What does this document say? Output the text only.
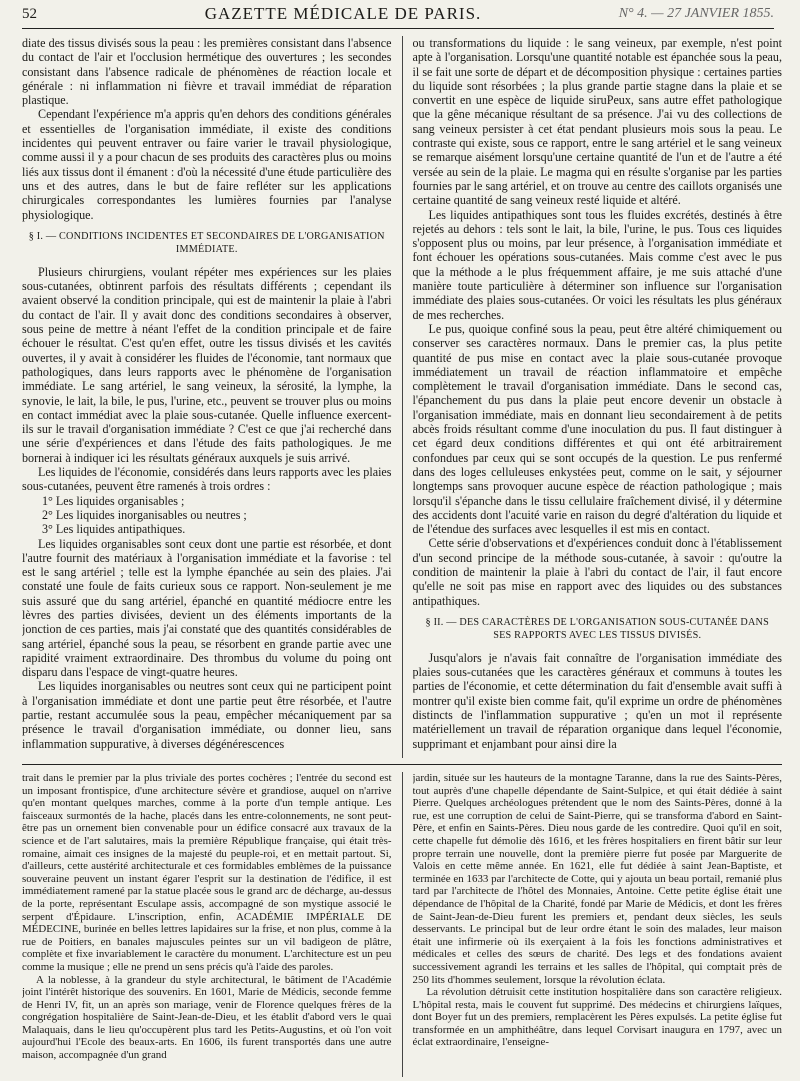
52	GAZETTE MÉDICALE DE PARIS.	N° 4. — 27 JANVIER 1855.

diate des tissus divisés sous la peau : les premières consistant dans l'absence du contact de l'air et l'occlusion hermétique des ouvertures ; les secondes consistant dans l'absence radicale de phénomènes de réaction locale et générale : ni inflammation ni fièvre et travail immédiat de réparation plastique.

Cependant l'expérience m'a appris qu'en dehors des conditions générales et essentielles de l'organisation immédiate, il existe des conditions incidentes qui peuvent entraver ou faire varier le travail physiologique, comme aussi il y a pour chacun de ses produits des caractères plus ou moins liés aux tissus dont il émanent : d'où la nécessité d'une étude particulière des uns et des autres, dans le but de faire refléter sur les applications chirurgicales correspondantes les lumières fournies par l'analyse physiologique.

§ I. — CONDITIONS INCIDENTES ET SECONDAIRES DE L'ORGANISATION IMMÉDIATE.

Plusieurs chirurgiens, voulant répéter mes expériences sur les plaies sous-cutanées, obtinrent parfois des résultats différents ; cependant ils avaient observé la condition principale, qui est de maintenir la plaie à l'abri du contact de l'air. Il y avait donc des conditions secondaires à observer, sous peine de mettre à néant l'effet de la condition principale et de faire échouer le résultat. C'est qu'en effet, outre les tissus divisés et les cavités ouvertes, il y avait à considérer les fluides de l'économie, tant normaux que pathologiques, dans leurs rapports avec le phénomène de l'organisation immédiate. Le sang artériel, le sang veineux, la sérosité, la lymphe, la synovie, le lait, la bile, le pus, l'urine, etc., peuvent se trouver plus ou moins en contact immédiat avec la plaie sous-cutanée. Quelle influence exercent-ils sur le travail d'organisation immédiate ? C'est ce que j'ai recherché dans une série d'expériences et dans l'étude des faits pathologiques. Je me bornerai à indiquer ici les résultats généraux auxquels je suis arrivé.

Les liquides de l'économie, considérés dans leurs rapports avec les plaies sous-cutanées, peuvent être ramenés à trois ordres :

1° Les liquides organisables ;

2° Les liquides inorganisables ou neutres ;

3° Les liquides antipathiques.

Les liquides organisables sont ceux dont une partie est résorbée, et dont l'autre fournit des matériaux à l'organisation immédiate et la favorise : tel est le sang artériel ; telle est la lymphe épanchée au sein des plaies. J'ai constaté une foule de faits curieux sous ce rapport. Non-seulement je me suis assuré que du sang artériel, épanché en quantité médiocre entre les lèvres des parties divisées, devient un des éléments importants de la jonction de ces parties, mais j'ai constaté que des quantités considérables de sang artériel, épanché sous la peau, se résorbent en grande partie avec une rapidité vraiment extraordinaire. Des thrombus du volume du poing ont disparu dans l'espace de vingt-quatre heures.

Les liquides inorganisables ou neutres sont ceux qui ne participent point à l'organisation immédiate et dont une partie peut être résorbée, et l'autre partie, restant accumulée sous la peau, empêcher mécaniquement par sa présence le travail d'organisation immédiate, ou donner lieu, sans inflammation suppurative, à diverses dégénérescences

ou transformations du liquide : le sang veineux, par exemple, n'est point apte à l'organisation. Lorsqu'une quantité notable est épanchée sous la peau, il se fait une sorte de départ et de décomposition physique : certaines parties du liquide sont résorbées ; la plus grande partie stagne dans la plaie et se convertit en une espèce de liquide siruPeux, sans autre effet pathologique que la gêne mécanique résultant de sa présence. J'ai vu des collections de sang veineux persister à cet état pendant plusieurs mois sous la peau. Le contraste qui existe, sous ce rapport, entre le sang artériel et le sang veineux se remarque aisément lorsqu'une certaine quantité de l'un et de l'autre a été versée au sein de la plaie. Le magma qui en résulte s'organise par les parties fournies par le sang artériel, et on trouve au centre des caillots organisés une certaine quantité de sang veineux resté liquide et altéré.

Les liquides antipathiques sont tous les fluides excrétés, destinés à être rejetés au dehors : tels sont le lait, la bile, l'urine, le pus. Tous ces liquides s'opposent plus ou moins, par leur présence, à l'organisation immédiate et font échouer les opérations sous-cutanées. Mais comme c'est avec le pus que la méthode a le plus fréquemment affaire, je me suis attaché d'une manière toute particulière à déterminer son influence sur l'organisation immédiate des plaies sous-cutanées. Or voici les résultats les plus généraux de mes recherches.

Le pus, quoique confiné sous la peau, peut être altéré chimiquement ou conserver ses caractères normaux. Dans le premier cas, la plus petite quantité de pus mise en contact avec la plaie sous-cutanée provoque immédiatement un travail de réaction inflammatoire et empêche complètement le travail d'organisation immédiate. Dans le second cas, l'épanchement du pus dans la plaie peut encore devenir un obstacle à l'organisation immédiate, mais en donnant lieu secondairement à de petits abcès froids résultant comme d'une inoculation du pus. Il faut distinguer à cet égard deux conditions différentes et qui ont été arbitrairement confondues par ceux qui se sont occupés de la question. Le pus renfermé dans des loges celluleuses enkystées peut, comme on le sait, y séjourner longtemps sans provoquer aucune espèce de réaction pathologique ; mais lorsqu'il s'épanche dans le tissu cellulaire fraîchement divisé, il y détermine des accidents dont l'acuité varie en raison du degré d'altération du liquide et de l'étendue des surfaces avec lesquelles il est mis en contact.

Cette série d'observations et d'expériences conduit donc à l'établissement d'un second principe de la méthode sous-cutanée, à savoir : qu'outre la condition de maintenir la plaie à l'abri du contact de l'air, il faut encore qu'elle ne soit pas mise en rapport avec des liquides ou des substances antipathiques.

§ II. — DES CARACTÈRES DE L'ORGANISATION SOUS-CUTANÉE DANS SES RAPPORTS AVEC LES TISSUS DIVISÉS.

Jusqu'alors je n'avais fait connaître de l'organisation immédiate des plaies sous-cutanées que les caractères généraux et communs à toutes les parties de l'économie, et cette détermination du fait d'ensemble avait suffi à montrer qu'il existe bien comme fait, qu'il exprime un ordre de phénomènes distincts de l'inflammation suppurative ; qu'en un mot il représente matériellement un travail de réparation organique dans lequel l'économie, supprimant et enjambant pour ainsi dire la

trait dans le premier par la plus triviale des portes cochères ; l'entrée du second est un imposant frontispice, d'une architecture sévère et grandiose, auquel on n'arrive qu'en montant quelques marches, comme à la porte d'un temple antique. Les faisceaux surmontés de la hache, placés dans les entre-colonnements, ne sont peut-être pas un ornement bien convenable pour un édifice consacré aux travaux de la science et de l'art salutaires, mais la première République française, qui était très-romaine, aimait ces insignes de la majesté du peuple-roi, et en mettait partout. Si, d'ailleurs, cette austérité architecturale et ces formidables emblèmes de la puissance souveraine peuvent un instant égarer l'esprit sur la destination de l'édifice, il est immédiatement ramené par la statue placée sous le grand arc de décharge, au-dessus de la porte, représentant Esculape assis, accompagné de son mystique associé le serpent d'Épidaure. L'inscription, enfin, ACADÉMIE IMPÉRIALE DE MÉDECINE, burinée en belles lettres lapidaires sur la frise, et non plus, comme à la rue de Poitiers, en banales majuscules peintes sur un vil badigeon de plâtre, complète et fixe invariablement le caractère du monument. L'architecture est un peu comme la musique ; elle ne prend un sens précis qu'à l'aide des paroles.

A la noblesse, à la grandeur du style architectural, le bâtiment de l'Académie joint l'intérêt historique des souvenirs. En 1601, Marie de Médicis, seconde femme de Henri IV, fit, un an après son mariage, venir de Florence quelques frères de la congrégation hospitalière de Saint-Jean-de-Dieu, et les établit d'abord vers le quai Malaquais, dans le lieu qu'occupèrent plus tard les Petits-Augustins, et où l'on voit aujourd'hui l'Ecole des beaux-arts. En 1606, ils furent transportés dans une autre maison, accompagnée d'un grand

jardin, située sur les hauteurs de la montagne Taranne, dans la rue des Saints-Pères, tout auprès d'une chapelle dépendante de Saint-Sulpice, et qui était dédiée à saint Pierre. Quelques archéologues prétendent que le nom des Saints-Pères, donné à la rue, est une corruption de celui de Saint-Pierre, qui se transforma d'abord en Saint-Père, et enfin en Saints-Pères. Dieu nous garde de les contredire. Quoi qu'il en soit, cette chapelle fut démolie dès 1616, et les frères hospitaliers en firent bâtir sur leur propre terrain une nouvelle, dont la première pierre fut posée par Marguerite de Valois en cette même année. En 1621, elle fut dédiée à saint Jean-Baptiste, et terminée en 1633 par l'architecte de Cotte, qui y ajouta un beau portail, remanié plus tard par l'architecte de l'hôtel des Monnaies, Antoine. Cette petite église était une dépendance de l'hôpital de la Charité, fondé par Marie de Médicis, et dont les frères de Saint-Jean-de-Dieu furent les premiers et, pendant deux siècles, les seuls desservants. Le principal but de leur ordre étant le soin des malades, leur maison était une infirmerie où ils exerçaient à la fois les fonctions administratives et médicales et celles des sœurs de charité. Des legs et des fondations avaient successivement agrandi les terrains et les salles de l'hôpital, qui comptait près de 250 lits d'hommes seulement, lorsque la révolution éclata.

La révolution détruisit cette institution hospitalière dans son caractère religieux. L'hôpital resta, mais le couvent fut supprimé. Des médecins et chirurgiens laïques, dont Boyer fut un des premiers, remplacèrent les Pères expulsés. La petite église fut transformée en un amphithéâtre, dans lequel Corvisart inaugura en 1797, avec un éclat extraordinaire, l'enseigne-
